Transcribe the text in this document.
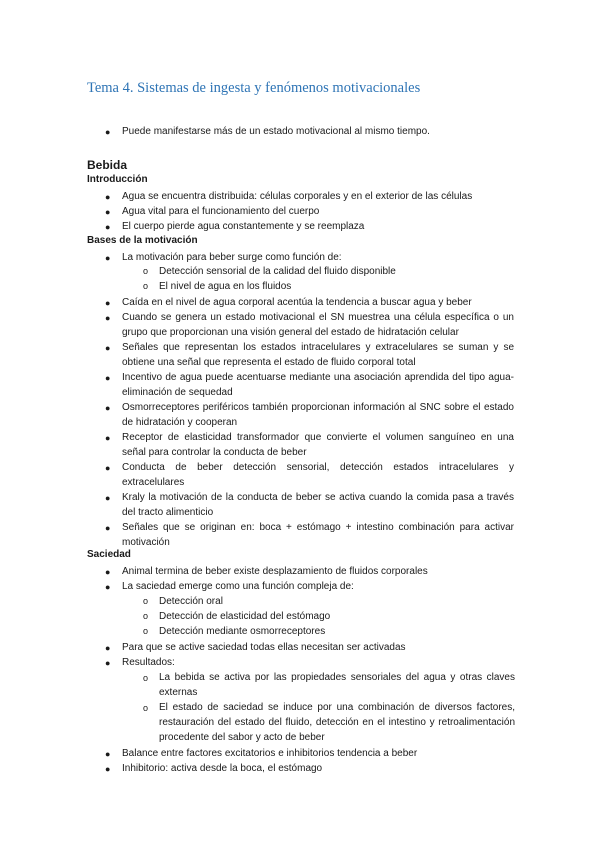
Tema 4. Sistemas de ingesta y fenómenos motivacionales
● Puede manifestarse más de un estado motivacional al mismo tiempo.

Bebida
Introducción
● Agua se encuentra distribuida: células corporales y en el exterior de las células

● Agua vital para el funcionamiento del cuerpo

● El cuerpo pierde agua constantemente y se reemplaza

Bases de la motivación
● La motivación para beber surge como función de:

o Detección sensorial de la calidad del fluido disponible

o El nivel de agua en los fluidos

● Caída en el nivel de agua corporal acentúa la tendencia a buscar agua y beber

● Cuando se genera un estado motivacional el SN muestrea una célula específica o un grupo que proporcionan una visión general del estado de hidratación celular

● Señales que representan los estados intracelulares y extracelulares se suman y se obtiene una señal que representa el estado de fluido corporal total

● Incentivo de agua puede acentuarse mediante una asociación aprendida del tipo agua-eliminación de sequedad

● Osmorreceptores periféricos también proporcionan información al SNC sobre el estado de hidratación y cooperan

● Receptor de elasticidad transformador que convierte el volumen sanguíneo en una señal para controlar la conducta de beber

● Conducta de beber detección sensorial, detección estados intracelulares y extracelulares

● Kraly la motivación de la conducta de beber se activa cuando la comida pasa a través del tracto alimenticio

● Señales que se originan en: boca + estómago + intestino combinación para activar motivación

Saciedad
● Animal termina de beber existe desplazamiento de fluidos corporales

● La saciedad emerge como una función compleja de:

o Detección oral

o Detección de elasticidad del estómago

o Detección mediante osmorreceptores

● Para que se active saciedad todas ellas necesitan ser activadas

● Resultados:

o La bebida se activa por las propiedades sensoriales del agua y otras claves externas

o El estado de saciedad se induce por una combinación de diversos factores, restauración del estado del fluido, detección en el intestino y retroalimentación procedente del sabor y acto de beber

● Balance entre factores excitatorios e inhibitorios tendencia a beber

● Inhibitorio: activa desde la boca, el estómago
